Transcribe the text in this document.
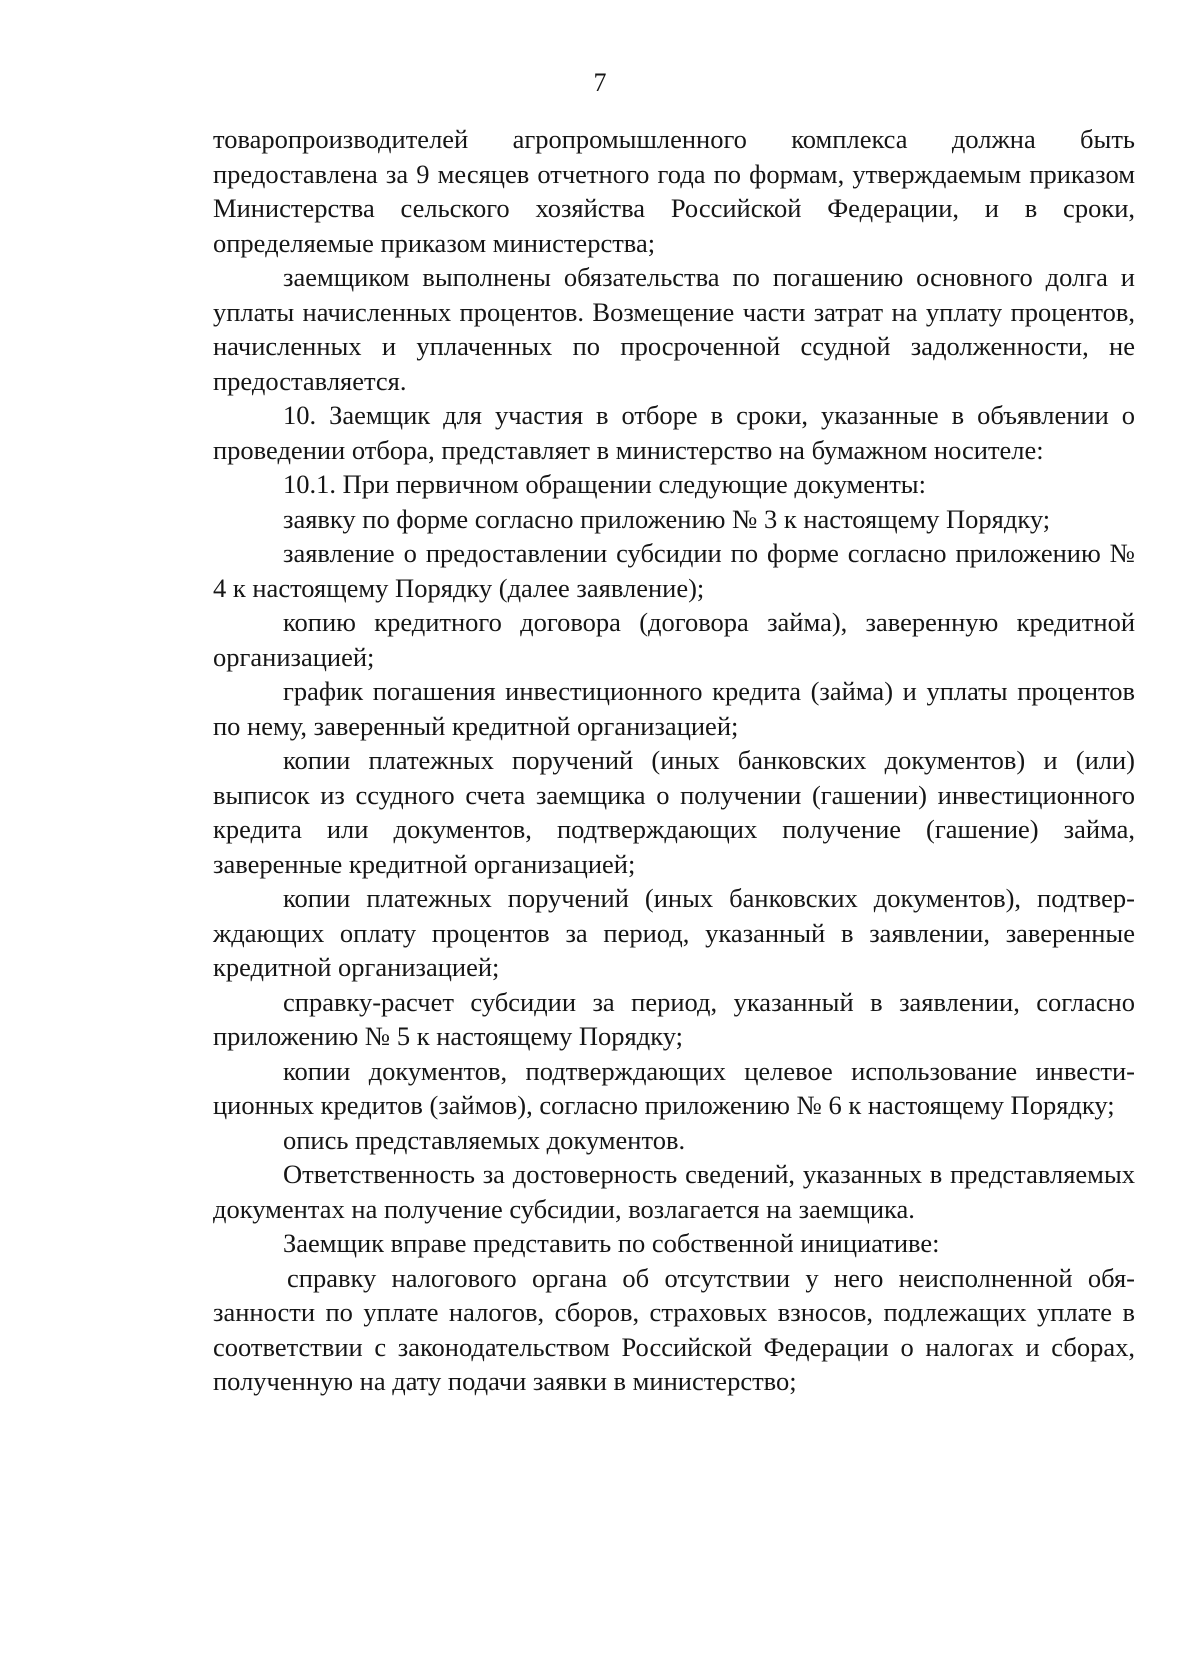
7

товаропроизводителей агропромышленного комплекса должна быть предоставлена за 9 месяцев отчетного года по формам, утверждаемым приказом Министерства сельского хозяйства Российской Федерации, и в сроки, определяемые приказом министерства;

заемщиком выполнены обязательства по погашению основного долга и уплаты начисленных процентов. Возмещение части затрат на уплату процентов, начисленных и уплаченных по просроченной ссудной задолженности, не предоставляется.

10. Заемщик для участия в отборе в сроки, указанные в объявлении о проведении отбора, представляет в министерство на бумажном носителе:

10.1. При первичном обращении следующие документы:

заявку по форме согласно приложению № 3 к настоящему Порядку;

заявление о предоставлении субсидии по форме согласно приложению № 4 к настоящему Порядку (далее заявление);

копию кредитного договора (договора займа), заверенную кредитной организацией;

график погашения инвестиционного кредита (займа) и уплаты процентов по нему, заверенный кредитной организацией;

копии платежных поручений (иных банковских документов) и (или) выписок из ссудного счета заемщика о получении (гашении) инвестиционного кредита или документов, подтверждающих получение (гашение) займа, заверенные кредитной организацией;

копии платежных поручений (иных банковских документов), подтверждающих оплату процентов за период, указанный в заявлении, заверенные кредитной организацией;

справку-расчет субсидии за период, указанный в заявлении, согласно приложению № 5 к настоящему Порядку;

копии документов, подтверждающих целевое использование инвестиционных кредитов (займов), согласно приложению № 6 к настоящему Порядку;

опись представляемых документов.

Ответственность за достоверность сведений, указанных в представляемых документах на получение субсидии, возлагается на заемщика.

Заемщик вправе представить по собственной инициативе:

справку налогового органа об отсутствии у него неисполненной обязанности по уплате налогов, сборов, страховых взносов, подлежащих уплате в соответствии с законодательством Российской Федерации о налогах и сборах, полученную на дату подачи заявки в министерство;
